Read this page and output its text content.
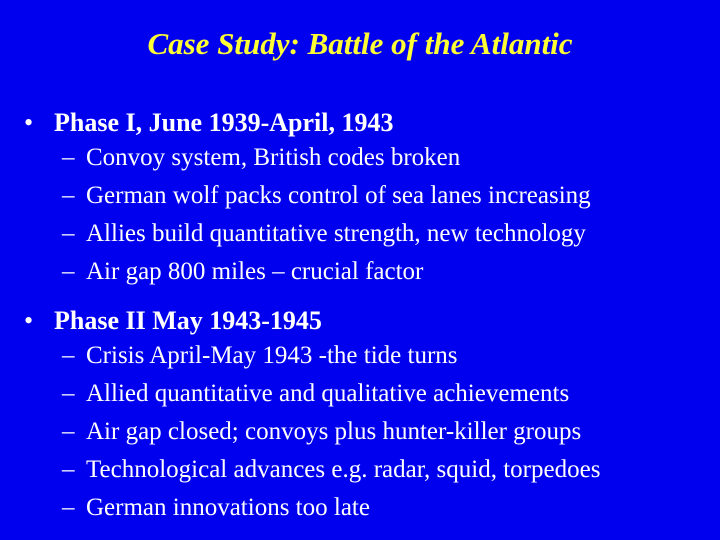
Case Study: Battle of the Atlantic
• Phase I, June 1939-April, 1943
– Convoy system, British codes broken
– German wolf packs control of sea lanes increasing
– Allies build quantitative strength, new technology
– Air gap 800 miles – crucial factor
• Phase II May 1943-1945
– Crisis April-May 1943 -the tide turns
– Allied quantitative and qualitative achievements
– Air gap closed; convoys plus hunter-killer groups
– Technological advances e.g. radar, squid, torpedoes
– German innovations too late
